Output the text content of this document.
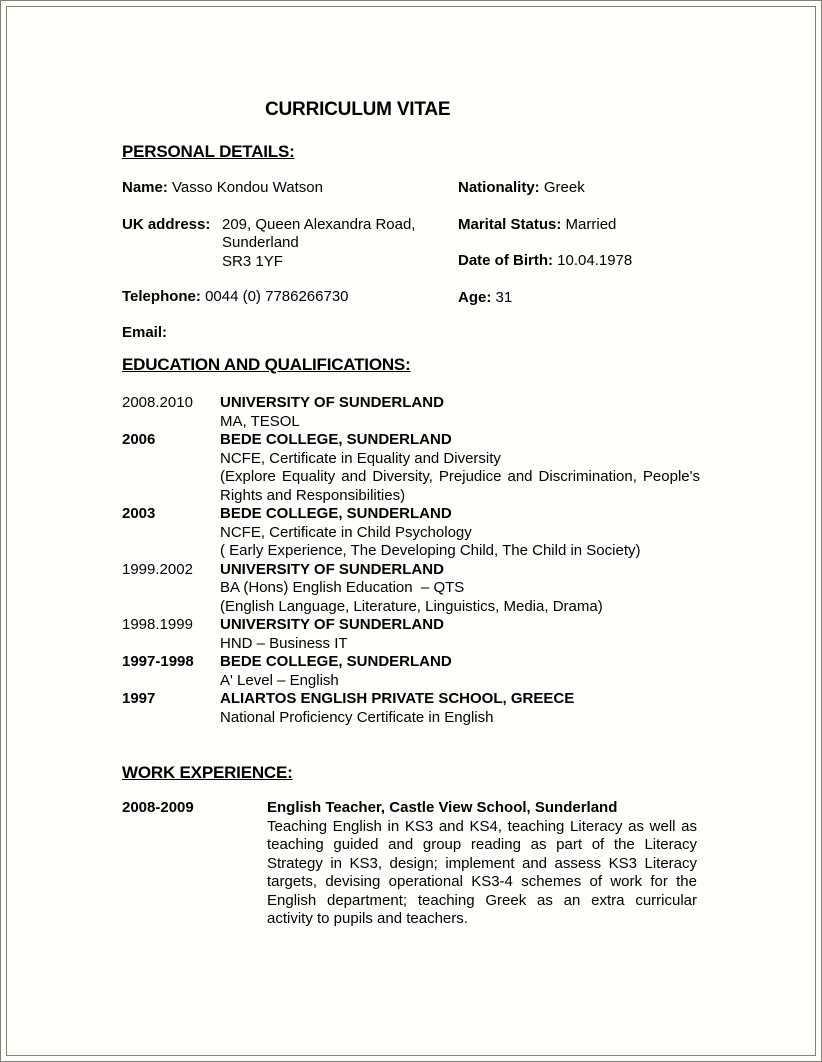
CURRICULUM VITAE
PERSONAL DETAILS:
Name: Vasso Kondou Watson
UK address: 209, Queen Alexandra Road,
Sunderland
SR3 1YF
Telephone: 0044 (0) 7786266730
Email:
Nationality: Greek
Marital Status: Married
Date of Birth: 10.04.1978
Age: 31
EDUCATION AND QUALIFICATIONS:
2008.2010	UNIVERSITY OF SUNDERLAND
MA, TESOL
2006	BEDE COLLEGE, SUNDERLAND
NCFE, Certificate in Equality and Diversity
(Explore Equality and Diversity, Prejudice and Discrimination, People's Rights and Responsibilities)
2003	BEDE COLLEGE, SUNDERLAND
NCFE, Certificate in Child Psychology
( Early Experience, The Developing Child, The Child in Society)
1999.2002	UNIVERSITY OF SUNDERLAND
BA (Hons) English Education  – QTS
(English Language, Literature, Linguistics, Media, Drama)
1998.1999	UNIVERSITY OF SUNDERLAND
HND – Business IT
1997-1998	BEDE COLLEGE, SUNDERLAND
A' Level – English
1997	ALIARTOS ENGLISH PRIVATE SCHOOL, GREECE
National Proficiency Certificate in English
WORK EXPERIENCE:
2008-2009	English Teacher, Castle View School, Sunderland
Teaching English in KS3 and KS4, teaching Literacy as well as teaching guided and group reading as part of the Literacy Strategy in KS3, design; implement and assess KS3 Literacy targets, devising operational KS3-4 schemes of work for the English department; teaching Greek as an extra curricular activity to pupils and teachers.
